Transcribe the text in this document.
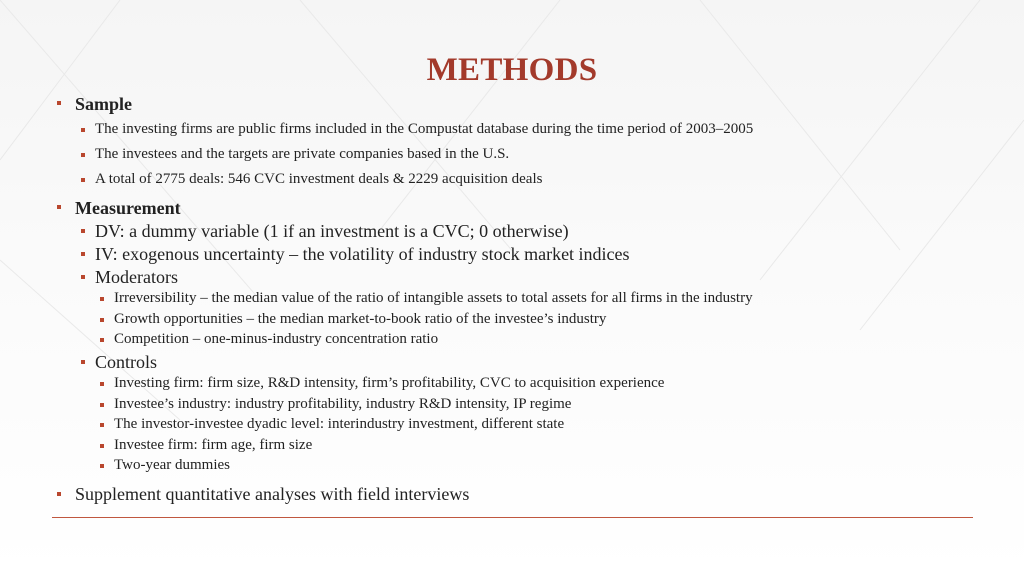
METHODS
Sample
The investing firms are public firms included in the Compustat database during the time period of 2003–2005
The investees and the targets are private companies based in the U.S.
A total of 2775 deals: 546 CVC investment deals & 2229 acquisition deals
Measurement
DV: a dummy variable (1 if an investment is a CVC; 0 otherwise)
IV: exogenous uncertainty – the volatility of industry stock market indices
Moderators
Irreversibility – the median value of the ratio of intangible assets to total assets for all firms in the industry
Growth opportunities – the median market-to-book ratio of the investee’s industry
Competition – one-minus-industry concentration ratio
Controls
Investing firm: firm size, R&D intensity, firm’s profitability, CVC to acquisition experience
Investee’s industry: industry profitability, industry R&D intensity, IP regime
The investor-investee dyadic level: interindustry investment, different state
Investee firm: firm age, firm size
Two-year dummies
Supplement quantitative analyses with field interviews
